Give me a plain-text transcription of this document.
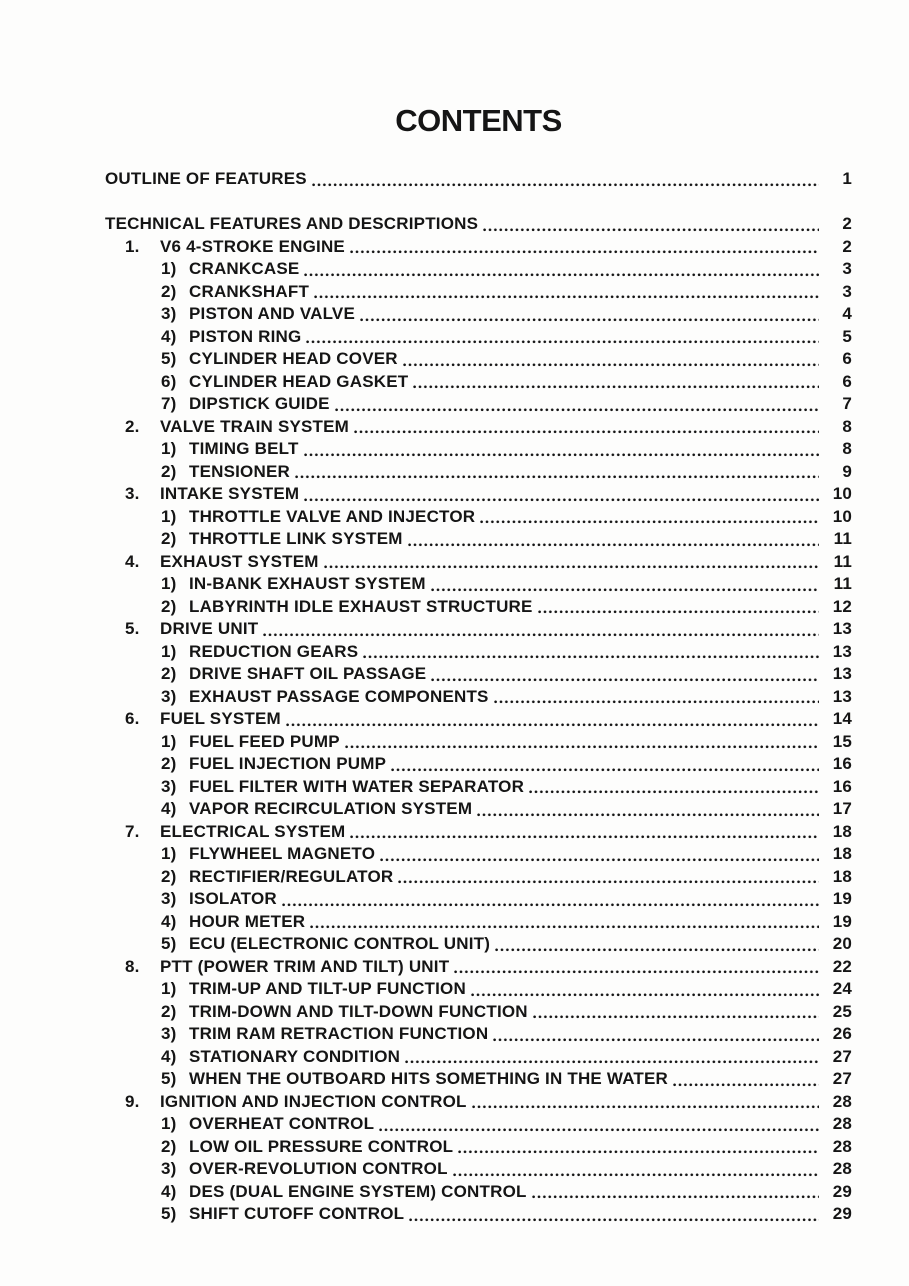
CONTENTS
OUTLINE OF FEATURES	1
TECHNICAL FEATURES AND DESCRIPTIONS	2
1.	V6 4-STROKE ENGINE	2
1) CRANKCASE	3
2) CRANKSHAFT	3
3) PISTON AND VALVE	4
4) PISTON RING	5
5) CYLINDER HEAD COVER	6
6) CYLINDER HEAD GASKET	6
7) DIPSTICK GUIDE	7
2.	VALVE TRAIN SYSTEM	8
1) TIMING BELT	8
2) TENSIONER	9
3.	INTAKE SYSTEM	10
1) THROTTLE VALVE AND INJECTOR	10
2) THROTTLE LINK SYSTEM	11
4.	EXHAUST SYSTEM	11
1) IN-BANK EXHAUST SYSTEM	11
2) LABYRINTH IDLE EXHAUST STRUCTURE	12
5.	DRIVE UNIT	13
1) REDUCTION GEARS	13
2) DRIVE SHAFT OIL PASSAGE	13
3) EXHAUST PASSAGE COMPONENTS	13
6.	FUEL SYSTEM	14
1) FUEL FEED PUMP	15
2) FUEL INJECTION PUMP	16
3) FUEL FILTER WITH WATER SEPARATOR	16
4) VAPOR RECIRCULATION SYSTEM	17
7.	ELECTRICAL SYSTEM	18
1) FLYWHEEL MAGNETO	18
2) RECTIFIER/REGULATOR	18
3) ISOLATOR	19
4) HOUR METER	19
5) ECU (ELECTRONIC CONTROL UNIT)	20
8.	PTT (POWER TRIM AND TILT) UNIT	22
1) TRIM-UP AND TILT-UP FUNCTION	24
2) TRIM-DOWN AND TILT-DOWN FUNCTION	25
3) TRIM RAM RETRACTION FUNCTION	26
4) STATIONARY CONDITION	27
5) WHEN THE OUTBOARD HITS SOMETHING IN THE WATER	27
9.	IGNITION AND INJECTION CONTROL	28
1) OVERHEAT CONTROL	28
2) LOW OIL PRESSURE CONTROL	28
3) OVER-REVOLUTION CONTROL	28
4) DES (DUAL ENGINE SYSTEM) CONTROL	29
5) SHIFT CUTOFF CONTROL	29
